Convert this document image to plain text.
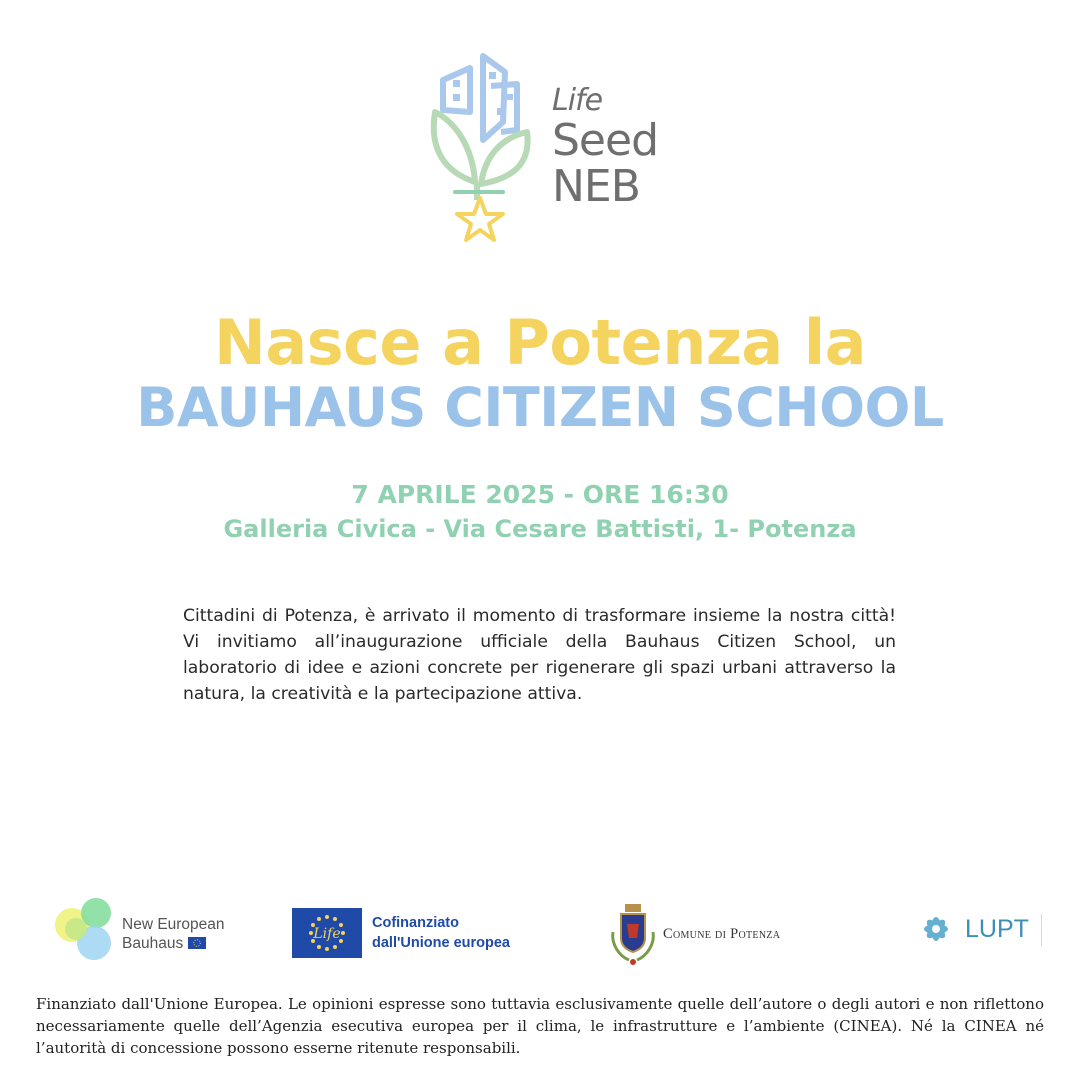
Life
Seed
NEB
Nasce a Potenza la
BAUHAUS CITIZEN SCHOOL
7 APRILE 2025 - ORE 16:30
Galleria Civica - Via Cesare Battisti, 1- Potenza
Cittadini di Potenza, è arrivato il momento di trasformare insieme la nostra città! Vi invitiamo all’inaugurazione ufficiale della Bauhaus Citizen School, un laboratorio di idee e azioni concrete per rigenerare gli spazi urbani attraverso la natura, la creatività e la partecipazione attiva.
New European
Bauhaus
Life
Cofinanziato
dall'Unione europea
Comune di Potenza	LUPT
Finanziato dall'Unione Europea. Le opinioni espresse sono tuttavia esclusivamente quelle dell’autore o degli autori e non riflettono necessariamente quelle dell’Agenzia esecutiva europea per il clima, le infrastrutture e l’ambiente (CINEA). Né la CINEA né l’autorità di concessione possono esserne ritenute responsabili.
